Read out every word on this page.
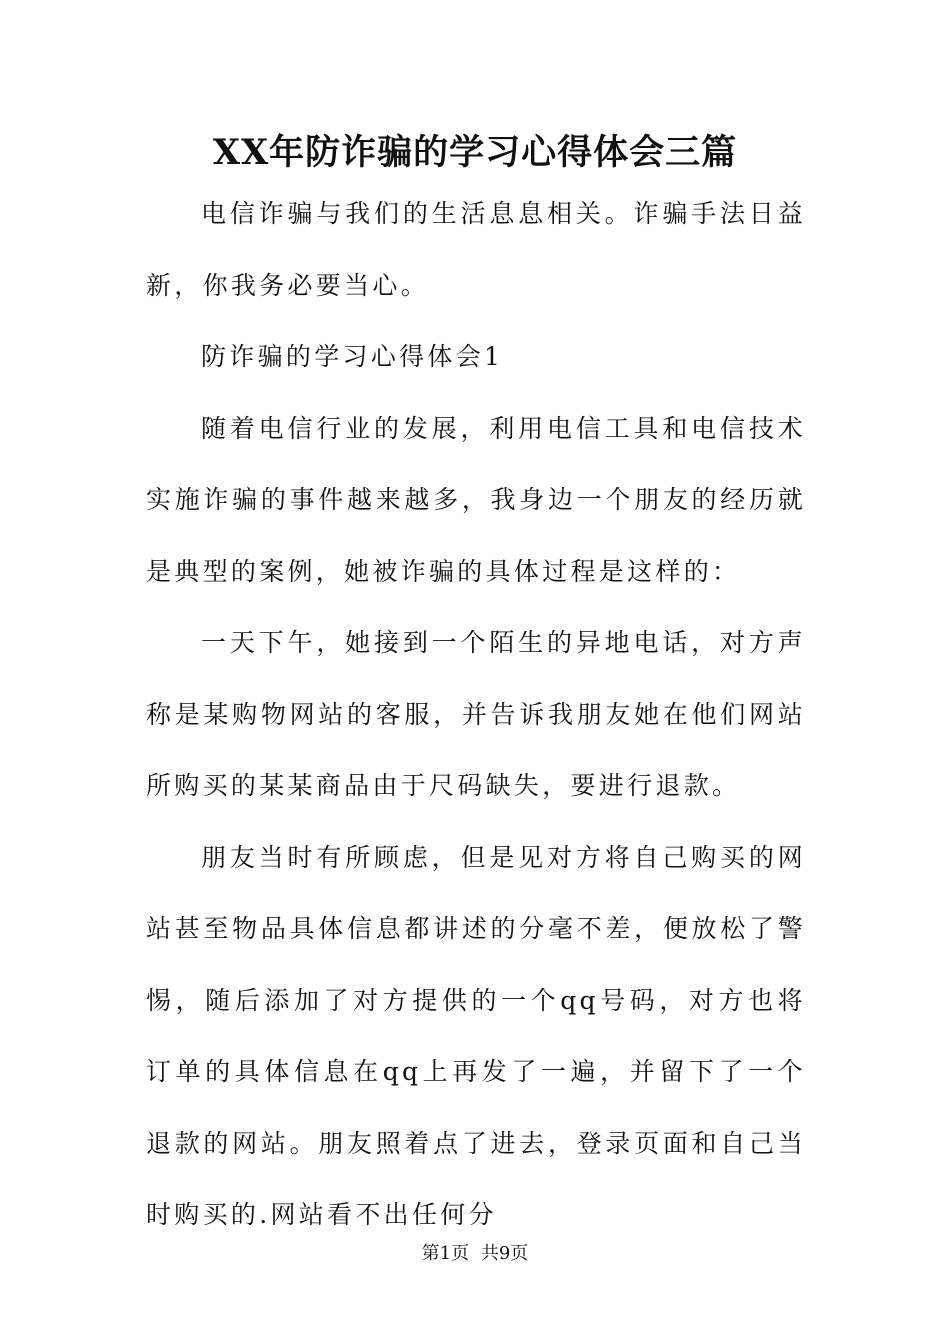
XX年防诈骗的学习心得体会三篇

电信诈骗与我们的生活息息相关。诈骗手法日益新，你我务必要当心。

防诈骗的学习心得体会1

随着电信行业的发展，利用电信工具和电信技术实施诈骗的事件越来越多，我身边一个朋友的经历就是典型的案例，她被诈骗的具体过程是这样的：

一天下午，她接到一个陌生的异地电话，对方声称是某购物网站的客服，并告诉我朋友她在他们网站所购买的某某商品由于尺码缺失，要进行退款。

朋友当时有所顾虑，但是见对方将自己购买的网站甚至物品具体信息都讲述的分毫不差，便放松了警惕，随后添加了对方提供的一个qq号码，对方也将订单的具体信息在qq上再发了一遍，并留下了一个退款的网站。朋友照着点了进去，登录页面和自己当时购买的.网站看不出任何分

第1页 共9页
